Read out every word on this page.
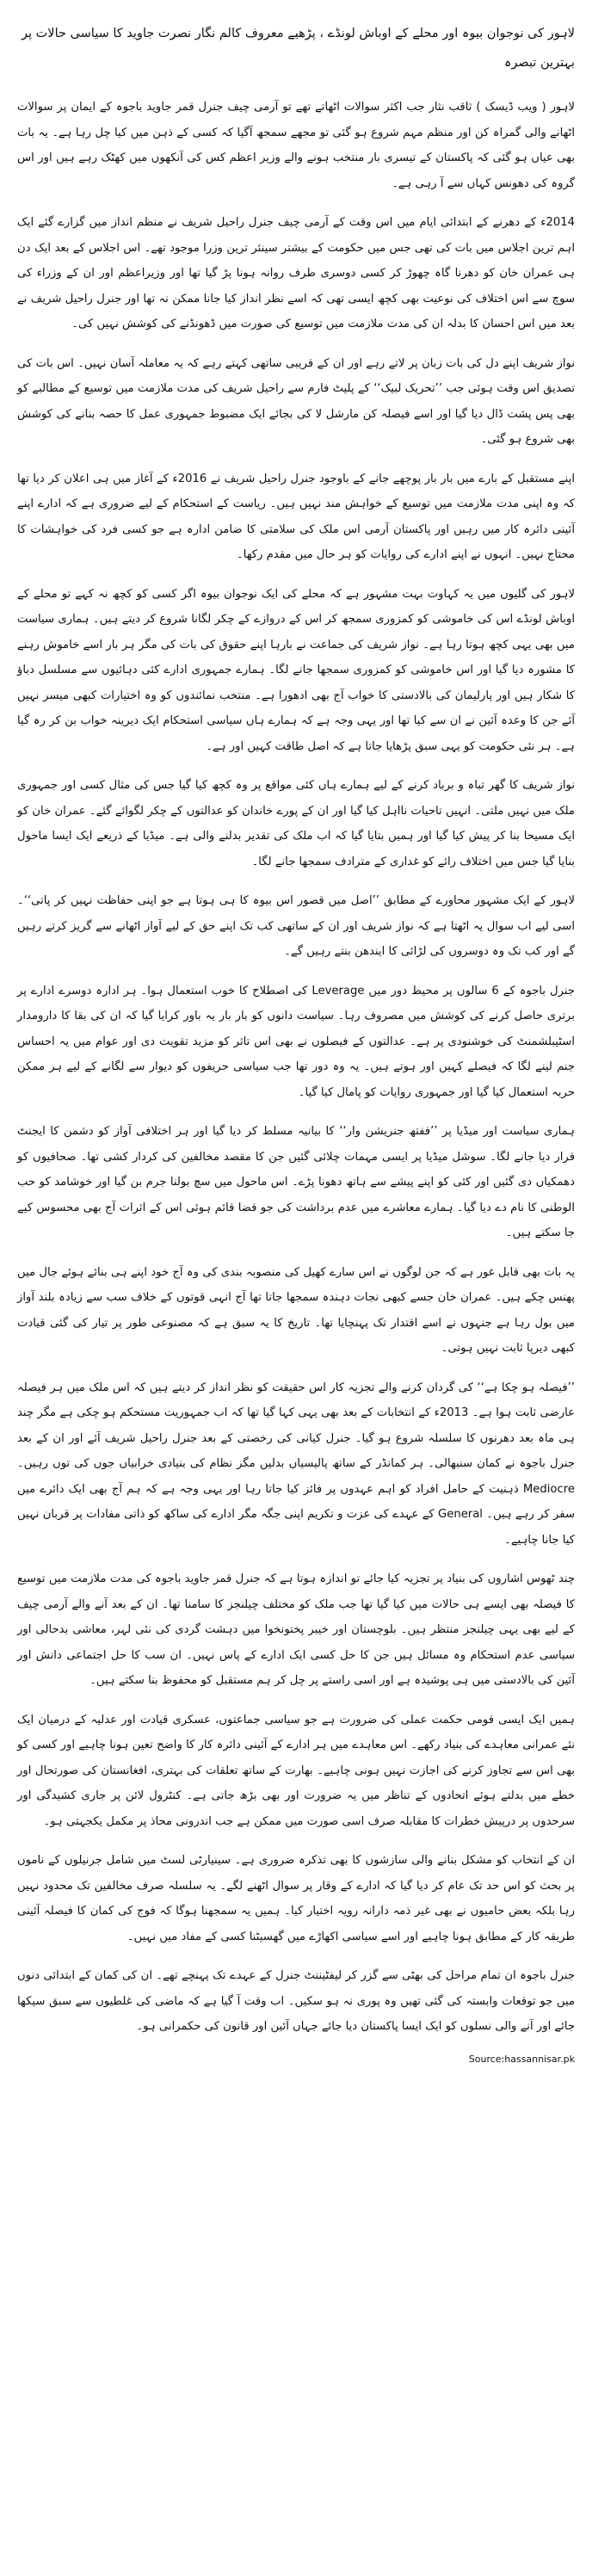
لاہور کی نوجوان بیوہ اور محلے کے اوباش لونڈے ، پڑھیے معروف کالم نگار نصرت جاوید کا سیاسی حالات پر بہترین تبصرہ

لاہور ( ویب ڈیسک ) ثاقب نثار جب اکثر سوالات اٹھاتے تھے تو آرمی چیف جنرل قمر جاوید باجوہ کے ایمان پر سوالات اٹھانے والی گمراہ کن اور منظم مہم شروع ہو گئی تو مجھے سمجھ آگیا کہ کسی کے ذہن میں کیا چل رہا ہے۔ یہ بات بھی عیاں ہو گئی کہ پاکستان کے تیسری بار منتخب ہونے والے وزیر اعظم کس کی آنکھوں میں کھٹک رہے ہیں اور اس گروہ کی دھونس کہاں سے آ رہی ہے۔

2014ء کے دھرنے کے ابتدائی ایام میں اس وقت کے آرمی چیف جنرل راحیل شریف نے منظم انداز میں گزارے گئے ایک اہم ترین اجلاس میں بات کی تھی جس میں حکومت کے بیشتر سینئر ترین وزرا موجود تھے۔ اس اجلاس کے بعد ایک دن ہی عمران خان کو دھرنا گاہ چھوڑ کر کسی دوسری طرف روانہ ہونا پڑ گیا تھا اور وزیراعظم اور ان کے وزراء کی سوچ سے اس اختلاف کی نوعیت بھی کچھ ایسی تھی کہ اسے نظر انداز کیا جانا ممکن نہ تھا اور جنرل راحیل شریف نے بعد میں اس احسان کا بدلہ ان کی مدت ملازمت میں توسیع کی صورت میں ڈھونڈنے کی کوشش نہیں کی۔

نواز شریف اپنے دل کی بات زبان پر لاتے رہے اور ان کے قریبی ساتھی کہتے رہے کہ یہ معاملہ آسان نہیں۔ اس بات کی تصدیق اس وقت ہوئی جب ’’تحریک لبیک‘‘ کے پلیٹ فارم سے راحیل شریف کی مدت ملازمت میں توسیع کے مطالبے کو بھی پس پشت ڈال دیا گیا اور اسے فیصلہ کن مارشل لا کی بجائے ایک مضبوط جمہوری عمل کا حصہ بنانے کی کوشش بھی شروع ہو گئی۔

اپنے مستقبل کے بارے میں بار بار پوچھے جانے کے باوجود جنرل راحیل شریف نے 2016ء کے آغاز میں ہی اعلان کر دیا تھا کہ وہ اپنی مدت ملازمت میں توسیع کے خواہش مند نہیں ہیں۔ ریاست کے استحکام کے لیے ضروری ہے کہ ادارے اپنے آئینی دائرہ کار میں رہیں اور پاکستان آرمی اس ملک کی سلامتی کا ضامن ادارہ ہے جو کسی فرد کی خواہشات کا محتاج نہیں۔ انہوں نے اپنے ادارے کی روایات کو ہر حال میں مقدم رکھا۔

لاہور کی گلیوں میں یہ کہاوت بہت مشہور ہے کہ محلے کی ایک نوجوان بیوہ اگر کسی کو کچھ نہ کہے تو محلے کے اوباش لونڈے اس کی خاموشی کو کمزوری سمجھ کر اس کے دروازے کے چکر لگانا شروع کر دیتے ہیں۔ ہماری سیاست میں بھی یہی کچھ ہوتا رہا ہے۔ نواز شریف کی جماعت نے بارہا اپنے حقوق کی بات کی مگر ہر بار اسے خاموش رہنے کا مشورہ دیا گیا اور اس خاموشی کو کمزوری سمجھا جانے لگا۔ ہمارے جمہوری ادارے کئی دہائیوں سے مسلسل دباؤ کا شکار ہیں اور پارلیمان کی بالادستی کا خواب آج بھی ادھورا ہے۔ منتخب نمائندوں کو وہ اختیارات کبھی میسر نہیں آئے جن کا وعدہ آئین نے ان سے کیا تھا اور یہی وجہ ہے کہ ہمارے ہاں سیاسی استحکام ایک دیرینہ خواب بن کر رہ گیا ہے۔ ہر نئی حکومت کو یہی سبق پڑھایا جاتا ہے کہ اصل طاقت کہیں اور ہے۔

نواز شریف کا گھر تباہ و برباد کرنے کے لیے ہمارے ہاں کئی مواقع پر وہ کچھ کیا گیا جس کی مثال کسی اور جمہوری ملک میں نہیں ملتی۔ انہیں تاحیات نااہل کیا گیا اور ان کے پورے خاندان کو عدالتوں کے چکر لگوائے گئے۔ عمران خان کو ایک مسیحا بنا کر پیش کیا گیا اور ہمیں بتایا گیا کہ اب ملک کی تقدیر بدلنے والی ہے۔ میڈیا کے ذریعے ایک ایسا ماحول بنایا گیا جس میں اختلاف رائے کو غداری کے مترادف سمجھا جانے لگا۔

لاہور کے ایک مشہور محاورے کے مطابق ’’اصل میں قصور اس بیوہ کا ہی ہوتا ہے جو اپنی حفاظت نہیں کر پاتی‘‘۔ اسی لیے اب سوال یہ اٹھتا ہے کہ نواز شریف اور ان کے ساتھی کب تک اپنے حق کے لیے آواز اٹھانے سے گریز کرتے رہیں گے اور کب تک وہ دوسروں کی لڑائی کا ایندھن بنتے رہیں گے۔

جنرل باجوہ کے 6 سالوں پر محیط دور میں Leverage کی اصطلاح کا خوب استعمال ہوا۔ ہر ادارہ دوسرے ادارے پر برتری حاصل کرنے کی کوشش میں مصروف رہا۔ سیاست دانوں کو بار بار یہ باور کرایا گیا کہ ان کی بقا کا دارومدار اسٹیبلشمنٹ کی خوشنودی پر ہے۔ عدالتوں کے فیصلوں نے بھی اس تاثر کو مزید تقویت دی اور عوام میں یہ احساس جنم لینے لگا کہ فیصلے کہیں اور ہوتے ہیں۔ یہ وہ دور تھا جب سیاسی حریفوں کو دیوار سے لگانے کے لیے ہر ممکن حربہ استعمال کیا گیا اور جمہوری روایات کو پامال کیا گیا۔

ہماری سیاست اور میڈیا پر ’’ففتھ جنریشن وار‘‘ کا بیانیہ مسلط کر دیا گیا اور ہر اختلافی آواز کو دشمن کا ایجنٹ قرار دیا جانے لگا۔ سوشل میڈیا پر ایسی مہمات چلائی گئیں جن کا مقصد مخالفین کی کردار کشی تھا۔ صحافیوں کو دھمکیاں دی گئیں اور کئی کو اپنے پیشے سے ہاتھ دھونا پڑے۔ اس ماحول میں سچ بولنا جرم بن گیا اور خوشامد کو حب الوطنی کا نام دے دیا گیا۔ ہمارے معاشرے میں عدم برداشت کی جو فضا قائم ہوئی اس کے اثرات آج بھی محسوس کیے جا سکتے ہیں۔

یہ بات بھی قابل غور ہے کہ جن لوگوں نے اس سارے کھیل کی منصوبہ بندی کی وہ آج خود اپنے ہی بنائے ہوئے جال میں پھنس چکے ہیں۔ عمران خان جسے کبھی نجات دہندہ سمجھا جاتا تھا آج انہی قوتوں کے خلاف سب سے زیادہ بلند آواز میں بول رہا ہے جنہوں نے اسے اقتدار تک پہنچایا تھا۔ تاریخ کا یہ سبق ہے کہ مصنوعی طور پر تیار کی گئی قیادت کبھی دیرپا ثابت نہیں ہوتی۔

’’فیصلہ ہو چکا ہے‘‘ کی گردان کرنے والے تجزیہ کار اس حقیقت کو نظر انداز کر دیتے ہیں کہ اس ملک میں ہر فیصلہ عارضی ثابت ہوا ہے۔ 2013ء کے انتخابات کے بعد بھی یہی کہا گیا تھا کہ اب جمہوریت مستحکم ہو چکی ہے مگر چند ہی ماہ بعد دھرنوں کا سلسلہ شروع ہو گیا۔ جنرل کیانی کی رخصتی کے بعد جنرل راحیل شریف آئے اور ان کے بعد جنرل باجوہ نے کمان سنبھالی۔ ہر کمانڈر کے ساتھ پالیسیاں بدلیں مگر نظام کی بنیادی خرابیاں جوں کی توں رہیں۔ Mediocre ذہنیت کے حامل افراد کو اہم عہدوں پر فائز کیا جاتا رہا اور یہی وجہ ہے کہ ہم آج بھی ایک دائرے میں سفر کر رہے ہیں۔ General کے عہدے کی عزت و تکریم اپنی جگہ مگر ادارے کی ساکھ کو ذاتی مفادات پر قربان نہیں کیا جانا چاہیے۔

چند ٹھوس اشاروں کی بنیاد پر تجزیہ کیا جائے تو اندازہ ہوتا ہے کہ جنرل قمر جاوید باجوہ کی مدت ملازمت میں توسیع کا فیصلہ بھی ایسے ہی حالات میں کیا گیا تھا جب ملک کو مختلف چیلنجز کا سامنا تھا۔ ان کے بعد آنے والے آرمی چیف کے لیے بھی یہی چیلنجز منتظر ہیں۔ بلوچستان اور خیبر پختونخوا میں دہشت گردی کی نئی لہر، معاشی بدحالی اور سیاسی عدم استحکام وہ مسائل ہیں جن کا حل کسی ایک ادارے کے پاس نہیں۔ ان سب کا حل اجتماعی دانش اور آئین کی بالادستی میں ہی پوشیدہ ہے اور اسی راستے پر چل کر ہم مستقبل کو محفوظ بنا سکتے ہیں۔

ہمیں ایک ایسی قومی حکمت عملی کی ضرورت ہے جو سیاسی جماعتوں، عسکری قیادت اور عدلیہ کے درمیان ایک نئے عمرانی معاہدے کی بنیاد رکھے۔ اس معاہدے میں ہر ادارے کے آئینی دائرہ کار کا واضح تعین ہونا چاہیے اور کسی کو بھی اس سے تجاوز کرنے کی اجازت نہیں ہونی چاہیے۔ بھارت کے ساتھ تعلقات کی بہتری، افغانستان کی صورتحال اور خطے میں بدلتے ہوئے اتحادوں کے تناظر میں یہ ضرورت اور بھی بڑھ جاتی ہے۔ کنٹرول لائن پر جاری کشیدگی اور سرحدوں پر درپیش خطرات کا مقابلہ صرف اسی صورت میں ممکن ہے جب اندرونی محاذ پر مکمل یکجہتی ہو۔

ان کے انتخاب کو مشکل بنانے والی سازشوں کا بھی تذکرہ ضروری ہے۔ سینیارٹی لسٹ میں شامل جرنیلوں کے ناموں پر بحث کو اس حد تک عام کر دیا گیا کہ ادارے کے وقار پر سوال اٹھنے لگے۔ یہ سلسلہ صرف مخالفین تک محدود نہیں رہا بلکہ بعض حامیوں نے بھی غیر ذمہ دارانہ رویہ اختیار کیا۔ ہمیں یہ سمجھنا ہوگا کہ فوج کی کمان کا فیصلہ آئینی طریقہ کار کے مطابق ہونا چاہیے اور اسے سیاسی اکھاڑے میں گھسیٹنا کسی کے مفاد میں نہیں۔

جنرل باجوہ ان تمام مراحل کی بھٹی سے گزر کر لیفٹیننٹ جنرل کے عہدے تک پہنچے تھے۔ ان کی کمان کے ابتدائی دنوں میں جو توقعات وابستہ کی گئی تھیں وہ پوری نہ ہو سکیں۔ اب وقت آ گیا ہے کہ ماضی کی غلطیوں سے سبق سیکھا جائے اور آنے والی نسلوں کو ایک ایسا پاکستان دیا جائے جہاں آئین اور قانون کی حکمرانی ہو۔

Source:hassannisar.pk
